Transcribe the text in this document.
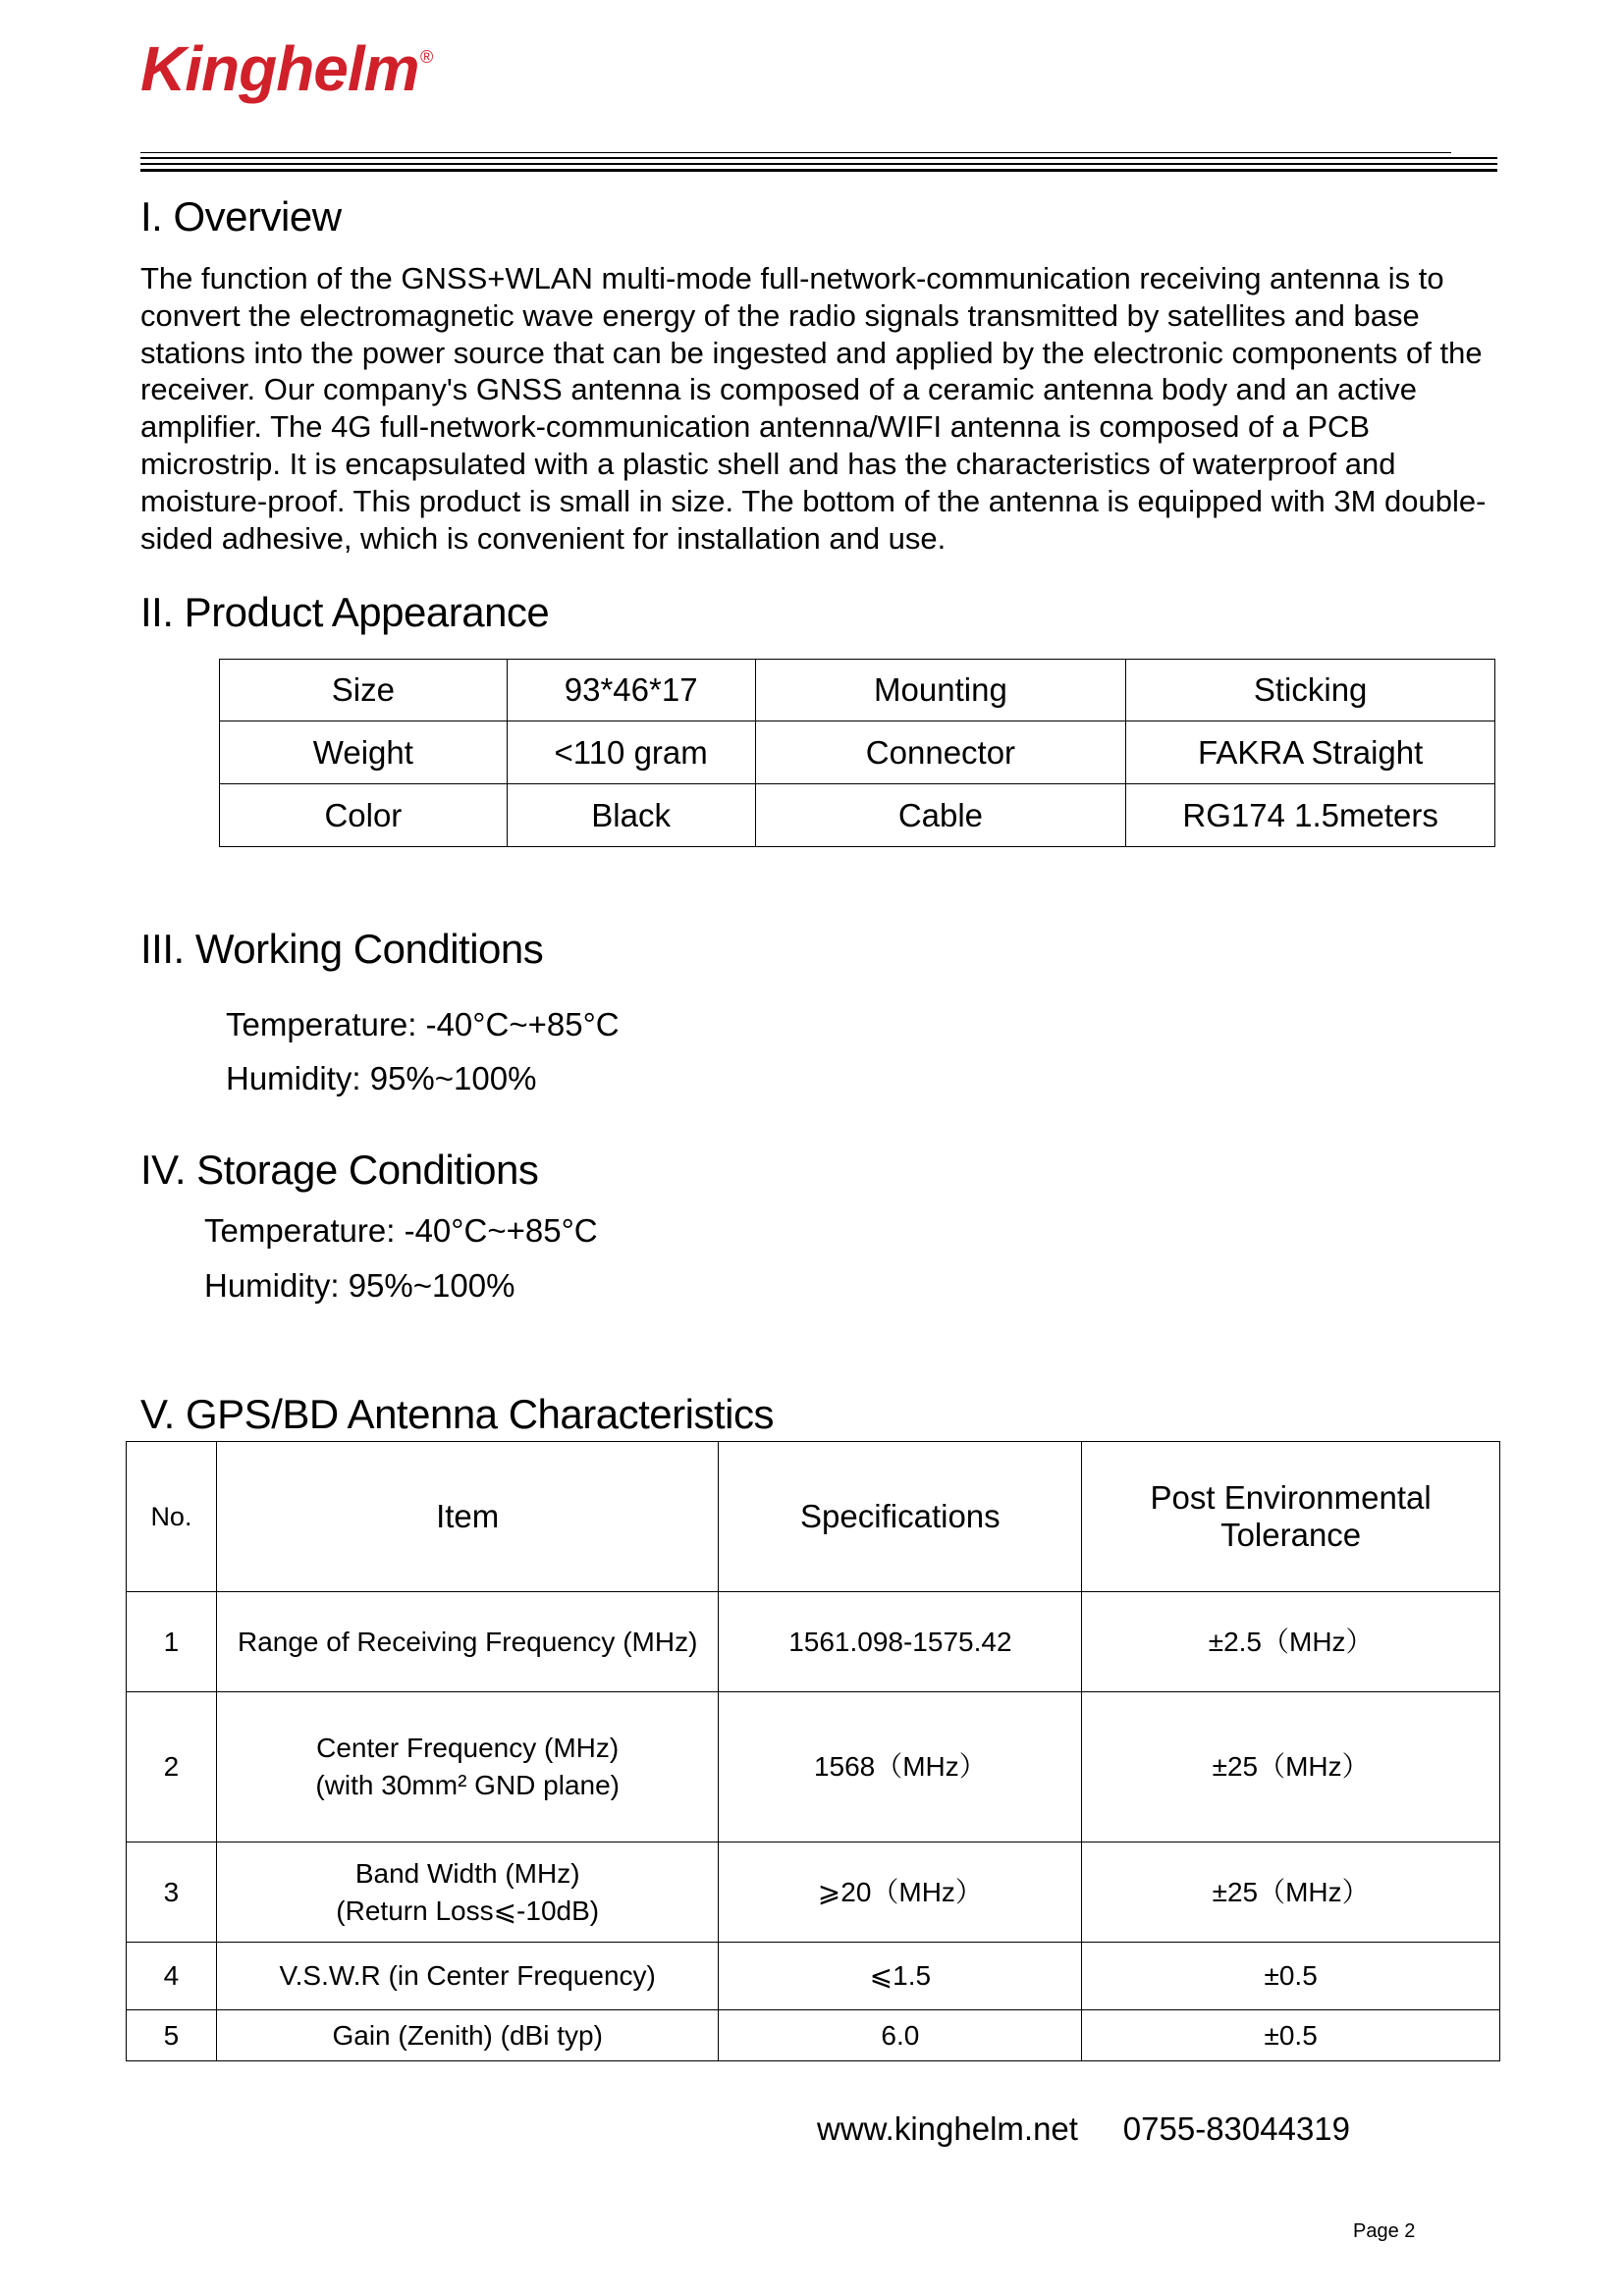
Kinghelm ®
I. Overview
The function of the GNSS+WLAN multi-mode full-network-communication receiving antenna is to
convert the electromagnetic wave energy of the radio signals transmitted by satellites and base
stations into the power source that can be ingested and applied by the electronic components of the
receiver. Our company's GNSS antenna is composed of a ceramic antenna body and an active
amplifier. The 4G full-network-communication antenna/WIFI antenna is composed of a PCB
microstrip. It is encapsulated with a plastic shell and has the characteristics of waterproof and
moisture-proof. This product is small in size. The bottom of the antenna is equipped with 3M double-
sided adhesive, which is convenient for installation and use.
II. Product Appearance
Size	93*46*17	Mounting	Sticking
Weight	<110 gram	Connector	FAKRA Straight
Color	Black	Cable	RG174 1.5meters
III. Working Conditions
Temperature: -40°C~+85°C
Humidity: 95%~100%
IV. Storage Conditions
Temperature: -40°C~+85°C
Humidity: 95%~100%
V. GPS/BD Antenna Characteristics
No.	Item	Specifications	Post Environmental
Tolerance

1	Range of Receiving Frequency (MHz)	1561.098-1575.42	±2.5（MHz）
2	Center Frequency (MHz)
(with 30mm² GND plane)	1568（MHz）	±25（MHz）
3	Band Width (MHz)
(Return Loss⩽-10dB)	⩾20（MHz）	±25（MHz）
4	V.S.W.R (in Center Frequency)	⩽1.5	±0.5
5	Gain (Zenith) (dBi typ)	6.0	±0.5
www.kinghelm.net     0755-83044319
Page 2
